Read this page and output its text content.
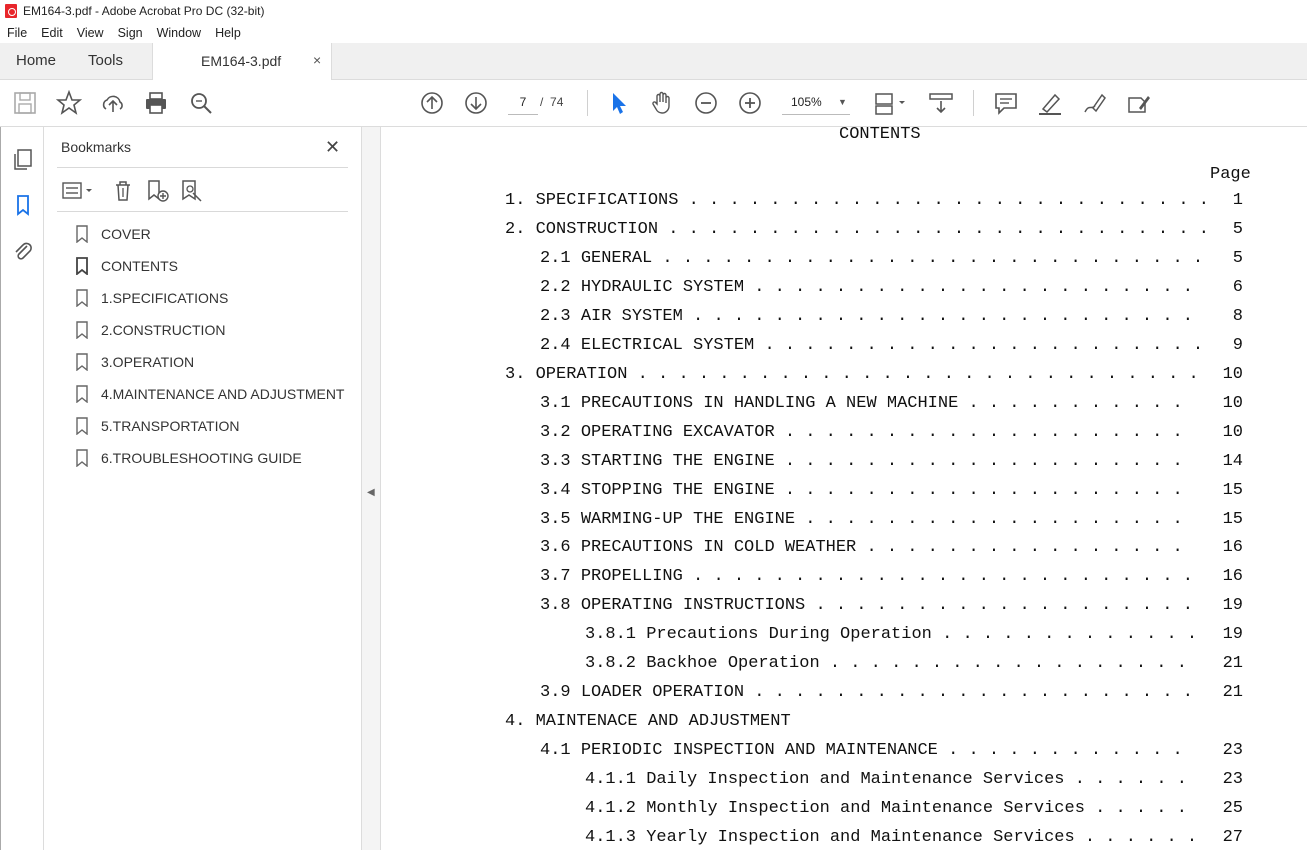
EM164-3.pdf - Adobe Acrobat Pro DC (32-bit)
File	Edit	View	Sign	Window	Help
Home Tools	EM164-3.pdf ×
7	/ 74	105% ▼
Bookmarks	✕
COVER
CONTENTS
1.SPECIFICATIONS
2.CONSTRUCTION
3.OPERATION
4.MAINTENANCE AND ADJUSTMENT
5.TRANSPORTATION
6.TROUBLESHOOTING GUIDE
◀
CONTENTS
Page
1. SPECIFICATIONS . . . . . . . . . . . . . . . . . . . . . . . . . . 1
2. CONSTRUCTION . . . . . . . . . . . . . . . . . . . . . . . . . . . 5
2.1 GENERAL . . . . . . . . . . . . . . . . . . . . . . . . . . . 5
2.2 HYDRAULIC SYSTEM . . . . . . . . . . . . . . . . . . . . . . 6
2.3 AIR SYSTEM . . . . . . . . . . . . . . . . . . . . . . . . . 8
2.4 ELECTRICAL SYSTEM . . . . . . . . . . . . . . . . . . . . . . 9
3. OPERATION . . . . . . . . . . . . . . . . . . . . . . . . . . . . 10
3.1 PRECAUTIONS IN HANDLING A NEW MACHINE . . . . . . . . . . . 10
3.2 OPERATING EXCAVATOR . . . . . . . . . . . . . . . . . . . . 10
3.3 STARTING THE ENGINE . . . . . . . . . . . . . . . . . . . . 14
3.4 STOPPING THE ENGINE . . . . . . . . . . . . . . . . . . . . 15
3.5 WARMING-UP THE ENGINE . . . . . . . . . . . . . . . . . . . 15
3.6 PRECAUTIONS IN COLD WEATHER . . . . . . . . . . . . . . . . 16
3.7 PROPELLING . . . . . . . . . . . . . . . . . . . . . . . . . 16
3.8 OPERATING INSTRUCTIONS . . . . . . . . . . . . . . . . . . . 19
3.8.1 Precautions During Operation . . . . . . . . . . . . . 19
3.8.2 Backhoe Operation . . . . . . . . . . . . . . . . . . 21
3.9 LOADER OPERATION . . . . . . . . . . . . . . . . . . . . . . 21
4. MAINTENACE AND ADJUSTMENT
4.1 PERIODIC INSPECTION AND MAINTENANCE . . . . . . . . . . . . 23
4.1.1 Daily Inspection and Maintenance Services . . . . . . 23
4.1.2 Monthly Inspection and Maintenance Services . . . . . 25
4.1.3 Yearly Inspection and Maintenance Services . . . . . . 27
